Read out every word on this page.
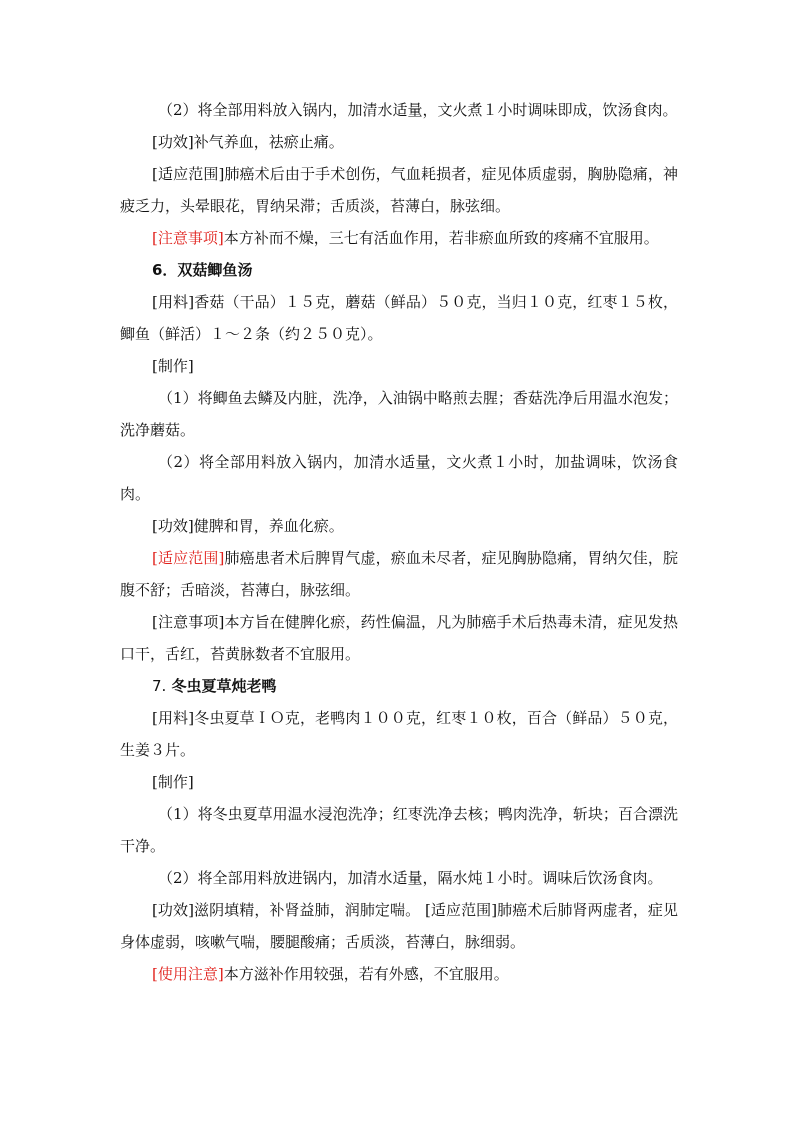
（2）将全部用料放入锅内，加清水适量，文火煮１小时调味即成，饮汤食肉。

[功效]补气养血，祛瘀止痛。

[适应范围]肺癌术后由于手术创伤，气血耗损者，症见体质虚弱，胸胁隐痛，神疲乏力，头晕眼花，胃纳呆滞；舌质淡，苔薄白，脉弦细。

[注意事项]本方补而不燥，三七有活血作用，若非瘀血所致的疼痛不宜服用。

6．双菇鲫鱼汤

[用料]香菇（干品）１５克，蘑菇（鲜品）５０克，当归１０克，红枣１５枚，鲫鱼（鲜活）１～２条（约２５０克）。

[制作]

（1）将鲫鱼去鳞及内脏，洗净，入油锅中略煎去腥；香菇洗净后用温水泡发；洗净蘑菇。

（2）将全部用料放入锅内，加清水适量，文火煮１小时，加盐调味，饮汤食肉。

[功效]健脾和胃，养血化瘀。

[适应范围]肺癌患者术后脾胃气虚，瘀血未尽者，症见胸胁隐痛，胃纳欠佳，脘腹不舒；舌暗淡，苔薄白，脉弦细。

[注意事项]本方旨在健脾化瘀，药性偏温，凡为肺癌手术后热毒未清，症见发热口干，舌红，苔黄脉数者不宜服用。

7. 冬虫夏草炖老鸭

[用料]冬虫夏草ＩＯ克，老鸭肉１００克，红枣１０枚，百合（鲜品）５０克，生姜３片。

[制作]

（1）将冬虫夏草用温水浸泡洗净；红枣洗净去核；鸭肉洗净，斩块；百合漂洗干净。

（2）将全部用料放进锅内，加清水适量，隔水炖１小时。调味后饮汤食肉。

[功效]滋阴填精，补肾益肺，润肺定喘。 [适应范围]肺癌术后肺肾两虚者，症见身体虚弱，咳嗽气喘，腰腿酸痛；舌质淡，苔薄白，脉细弱。

[使用注意]本方滋补作用较强，若有外感，不宜服用。
